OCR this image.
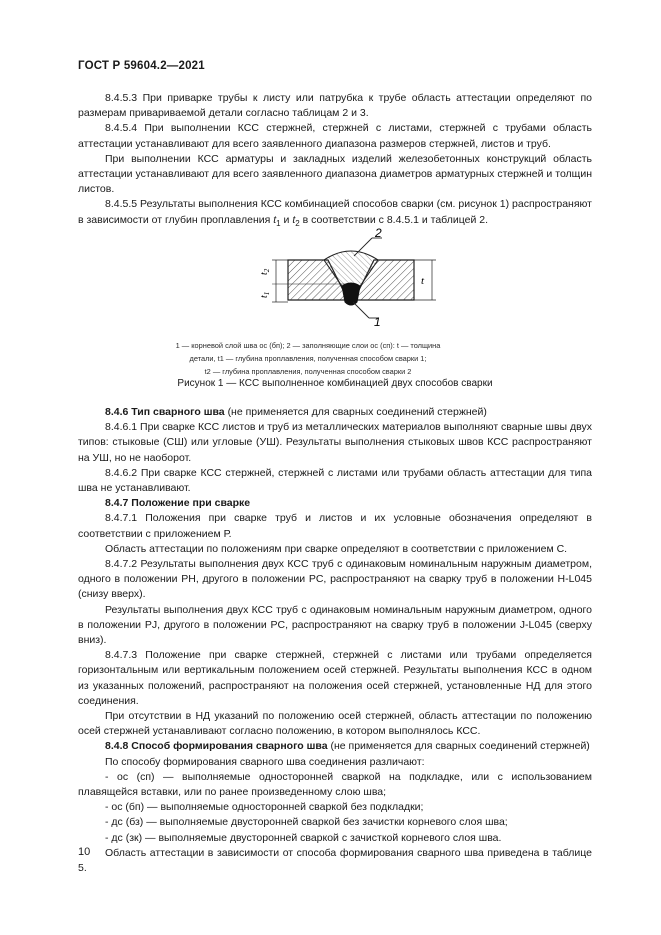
ГОСТ Р 59604.2—2021

8.4.5.3 При приварке трубы к листу или патрубка к трубе область аттестации определяют по размерам привариваемой детали согласно таблицам 2 и 3.

8.4.5.4 При выполнении КСС стержней, стержней с листами, стержней с трубами область аттестации устанавливают для всего заявленного диапазона размеров стержней, листов и труб.

При выполнении КСС арматуры и закладных изделий железобетонных конструкций область аттестации устанавливают для всего заявленного диапазона диаметров арматурных стержней и толщин листов.

8.4.5.5 Результаты выполнения КСС комбинацией способов сварки (см. рисунок 1) распространяют в зависимости от глубин проплавления $t_1$ и $t_2$ в соответствии с 8.4.5.1 и таблицей 2.

2
1
t
$t_2$
$t_1$

1 — корневой слой шва ос (бп); 2 — заполняющие слои ос (сп): t — толщина

детали, t1 — глубина проплавления, полученная способом сварки 1;

t2 — глубина проплавления, полученная способом сварки 2

Рисунок 1 — КСС выполненное комбинацией двух способов сварки

8.4.6 Тип сварного шва (не применяется для сварных соединений стержней)

8.4.6.1 При сварке КСС листов и труб из металлических материалов выполняют сварные швы двух типов: стыковые (СШ) или угловые (УШ). Результаты выполнения стыковых швов КСС распространяют на УШ, но не наоборот.

8.4.6.2 При сварке КСС стержней, стержней с листами или трубами область аттестации для типа шва не устанавливают.

8.4.7 Положение при сварке

8.4.7.1 Положения при сварке труб и листов и их условные обозначения определяют в соответствии с приложением Р.

Область аттестации по положениям при сварке определяют в соответствии с приложением С.

8.4.7.2 Результаты выполнения двух КСС труб с одинаковым номинальным наружным диаметром, одного в положении PH, другого в положении PC, распространяют на сварку труб в положении H-L045 (снизу вверх).

Результаты выполнения двух КСС труб с одинаковым номинальным наружным диаметром, одного в положении PJ, другого в положении PC, распространяют на сварку труб в положении J-L045 (сверху вниз).

8.4.7.3 Положение при сварке стержней, стержней с листами или трубами определяется горизонтальным или вертикальным положением осей стержней. Результаты выполнения КСС в одном из указанных положений, распространяют на положения осей стержней, установленные НД для этого соединения.

При отсутствии в НД указаний по положению осей стержней, область аттестации по положению осей стержней устанавливают согласно положению, в котором выполнялось КСС.

8.4.8 Способ формирования сварного шва (не применяется для сварных соединений стержней)

По способу формирования сварного шва соединения различают:

- ос (сп) — выполняемые односторонней сваркой на подкладке, или с использованием плавящейся вставки, или по ранее произведенному слою шва;

- ос (бп) — выполняемые односторонней сваркой без подкладки;

- дс (бз) — выполняемые двусторонней сваркой без зачистки корневого слоя шва;

- дс (зк) — выполняемые двусторонней сваркой с зачисткой корневого слоя шва.

Область аттестации в зависимости от способа формирования сварного шва приведена в таблице 5.

10
